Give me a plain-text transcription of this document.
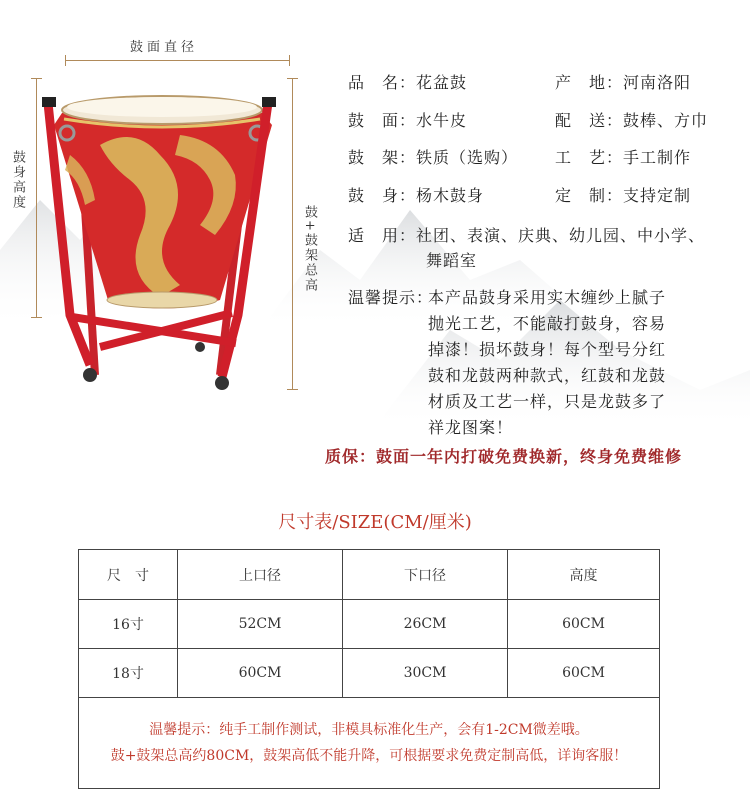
鼓面直径
鼓身高度
鼓+鼓架总高
品　名：花盆鼓	产　地：河南洛阳
鼓　面：水牛皮	配　送：鼓棒、方巾
鼓　架：铁质（选购） 工　艺：手工制作
鼓　身：杨木鼓身	定　制：支持定制
适　用：社团、表演、庆典、幼儿园、中小学、
舞蹈室
温馨提示：
本产品鼓身采用实木缠纱上腻子
抛光工艺，不能敲打鼓身，容易
掉漆！损坏鼓身！每个型号分红
鼓和龙鼓两种款式，红鼓和龙鼓
材质及工艺一样，只是龙鼓多了
祥龙图案！
质保：鼓面一年内打破免费换新，终身免费维修
尺寸表/SIZE(CM/厘米)
尺　寸	上口径	下口径	高度
16寸	52CM	26CM	60CM
18寸	60CM	30CM	60CM

温馨提示：纯手工制作测试，非模具标准化生产，会有1-2CM微差哦。
鼓+鼓架总高约80CM，鼓架高低不能升降，可根据要求免费定制高低，详询客服！			
